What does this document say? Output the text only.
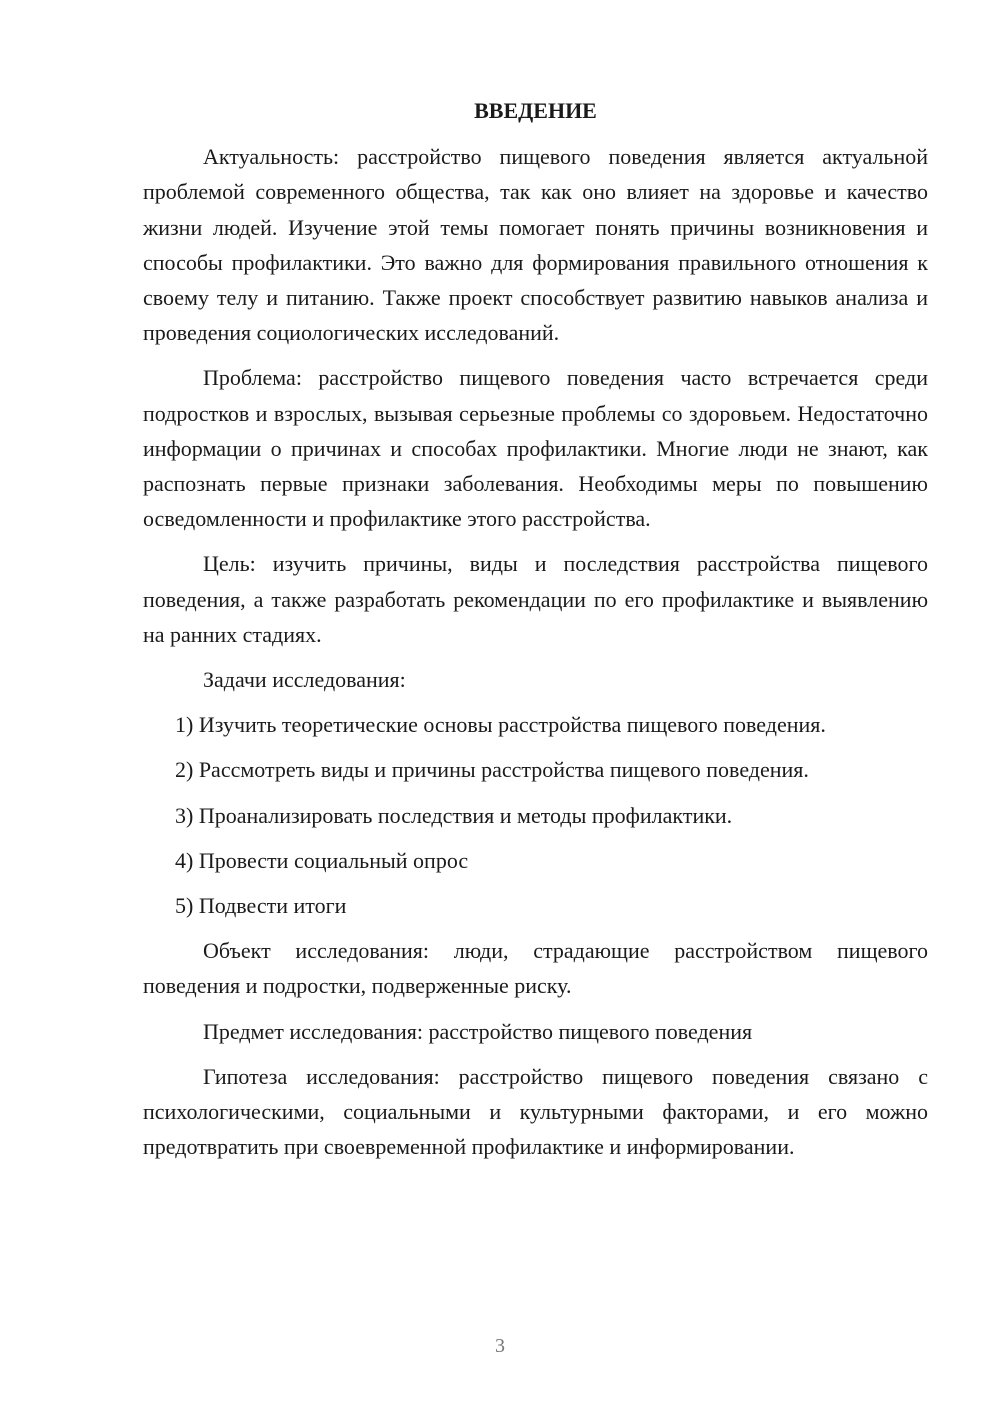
ВВЕДЕНИЕ

Актуальность: расстройство пищевого поведения является актуальной проблемой современного общества, так как оно влияет на здоровье и качество жизни людей. Изучение этой темы помогает понять причины возникновения и способы профилактики. Это важно для формирования правильного отношения к своему телу и питанию. Также проект способствует развитию навыков анализа и проведения социологических исследований.

Проблема: расстройство пищевого поведения часто встречается среди подростков и взрослых, вызывая серьезные проблемы со здоровьем. Недостаточно информации о причинах и способах профилактики. Многие люди не знают, как распознать первые признаки заболевания. Необходимы меры по повышению осведомленности и профилактике этого расстройства.

Цель: изучить причины, виды и последствия расстройства пищевого поведения, а также разработать рекомендации по его профилактике и выявлению на ранних стадиях.

Задачи исследования:

1) Изучить теоретические основы расстройства пищевого поведения.

2) Рассмотреть виды и причины расстройства пищевого поведения.

3) Проанализировать последствия и методы профилактики.

4) Провести социальный опрос

5) Подвести итоги

Объект исследования: люди, страдающие расстройством пищевого поведения и подростки, подверженные риску.

Предмет исследования: расстройство пищевого поведения

Гипотеза исследования: расстройство пищевого поведения связано с психологическими, социальными и культурными факторами, и его можно предотвратить при своевременной профилактике и информировании.

3
